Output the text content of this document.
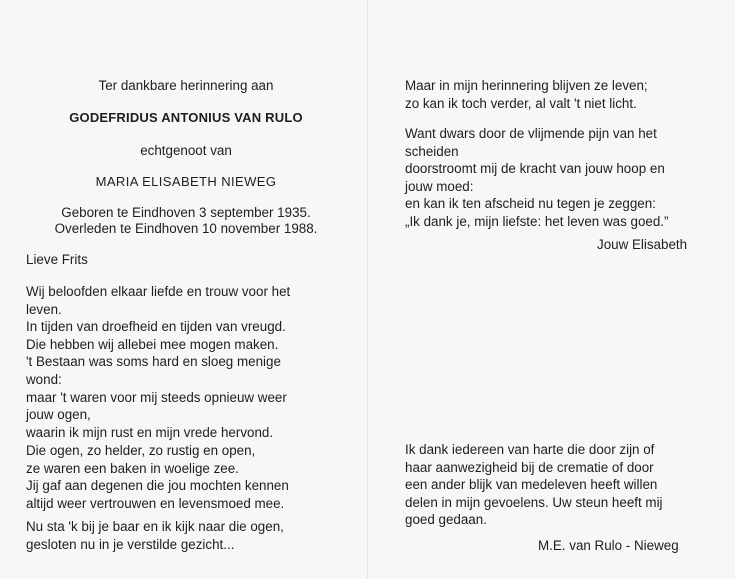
Ter dankbare herinnering aan

GODEFRIDUS ANTONIUS VAN RULO

echtgenoot van

MARIA ELISABETH NIEWEG

Geboren te Eindhoven 3 september 1935.

Overleden te Eindhoven 10 november 1988.

Lieve Frits

Wij beloofden elkaar liefde en trouw voor het

leven.

In tijden van droefheid en tijden van vreugd.

Die hebben wij allebei mee mogen maken.

't Bestaan was soms hard en sloeg menige

wond:

maar 't waren voor mij steeds opnieuw weer

jouw ogen,

waarin ik mijn rust en mijn vrede hervond.

Die ogen, zo helder, zo rustig en open,

ze waren een baken in woelige zee.

Jij gaf aan degenen die jou mochten kennen

altijd weer vertrouwen en levensmoed mee.

Nu sta 'k bij je baar en ik kijk naar die ogen,

gesloten nu in je verstilde gezicht...

Maar in mijn herinnering blijven ze leven;

zo kan ik toch verder, al valt 't niet licht.

Want dwars door de vlijmende pijn van het

scheiden

doorstroomt mij de kracht van jouw hoop en

jouw moed:

en kan ik ten afscheid nu tegen je zeggen:

„Ik dank je, mijn liefste: het leven was goed.”

Jouw Elisabeth

Ik dank iedereen van harte die door zijn of

haar aanwezigheid bij de crematie of door

een ander blijk van medeleven heeft willen

delen in mijn gevoelens. Uw steun heeft mij

goed gedaan.

M.E. van Rulo - Nieweg
